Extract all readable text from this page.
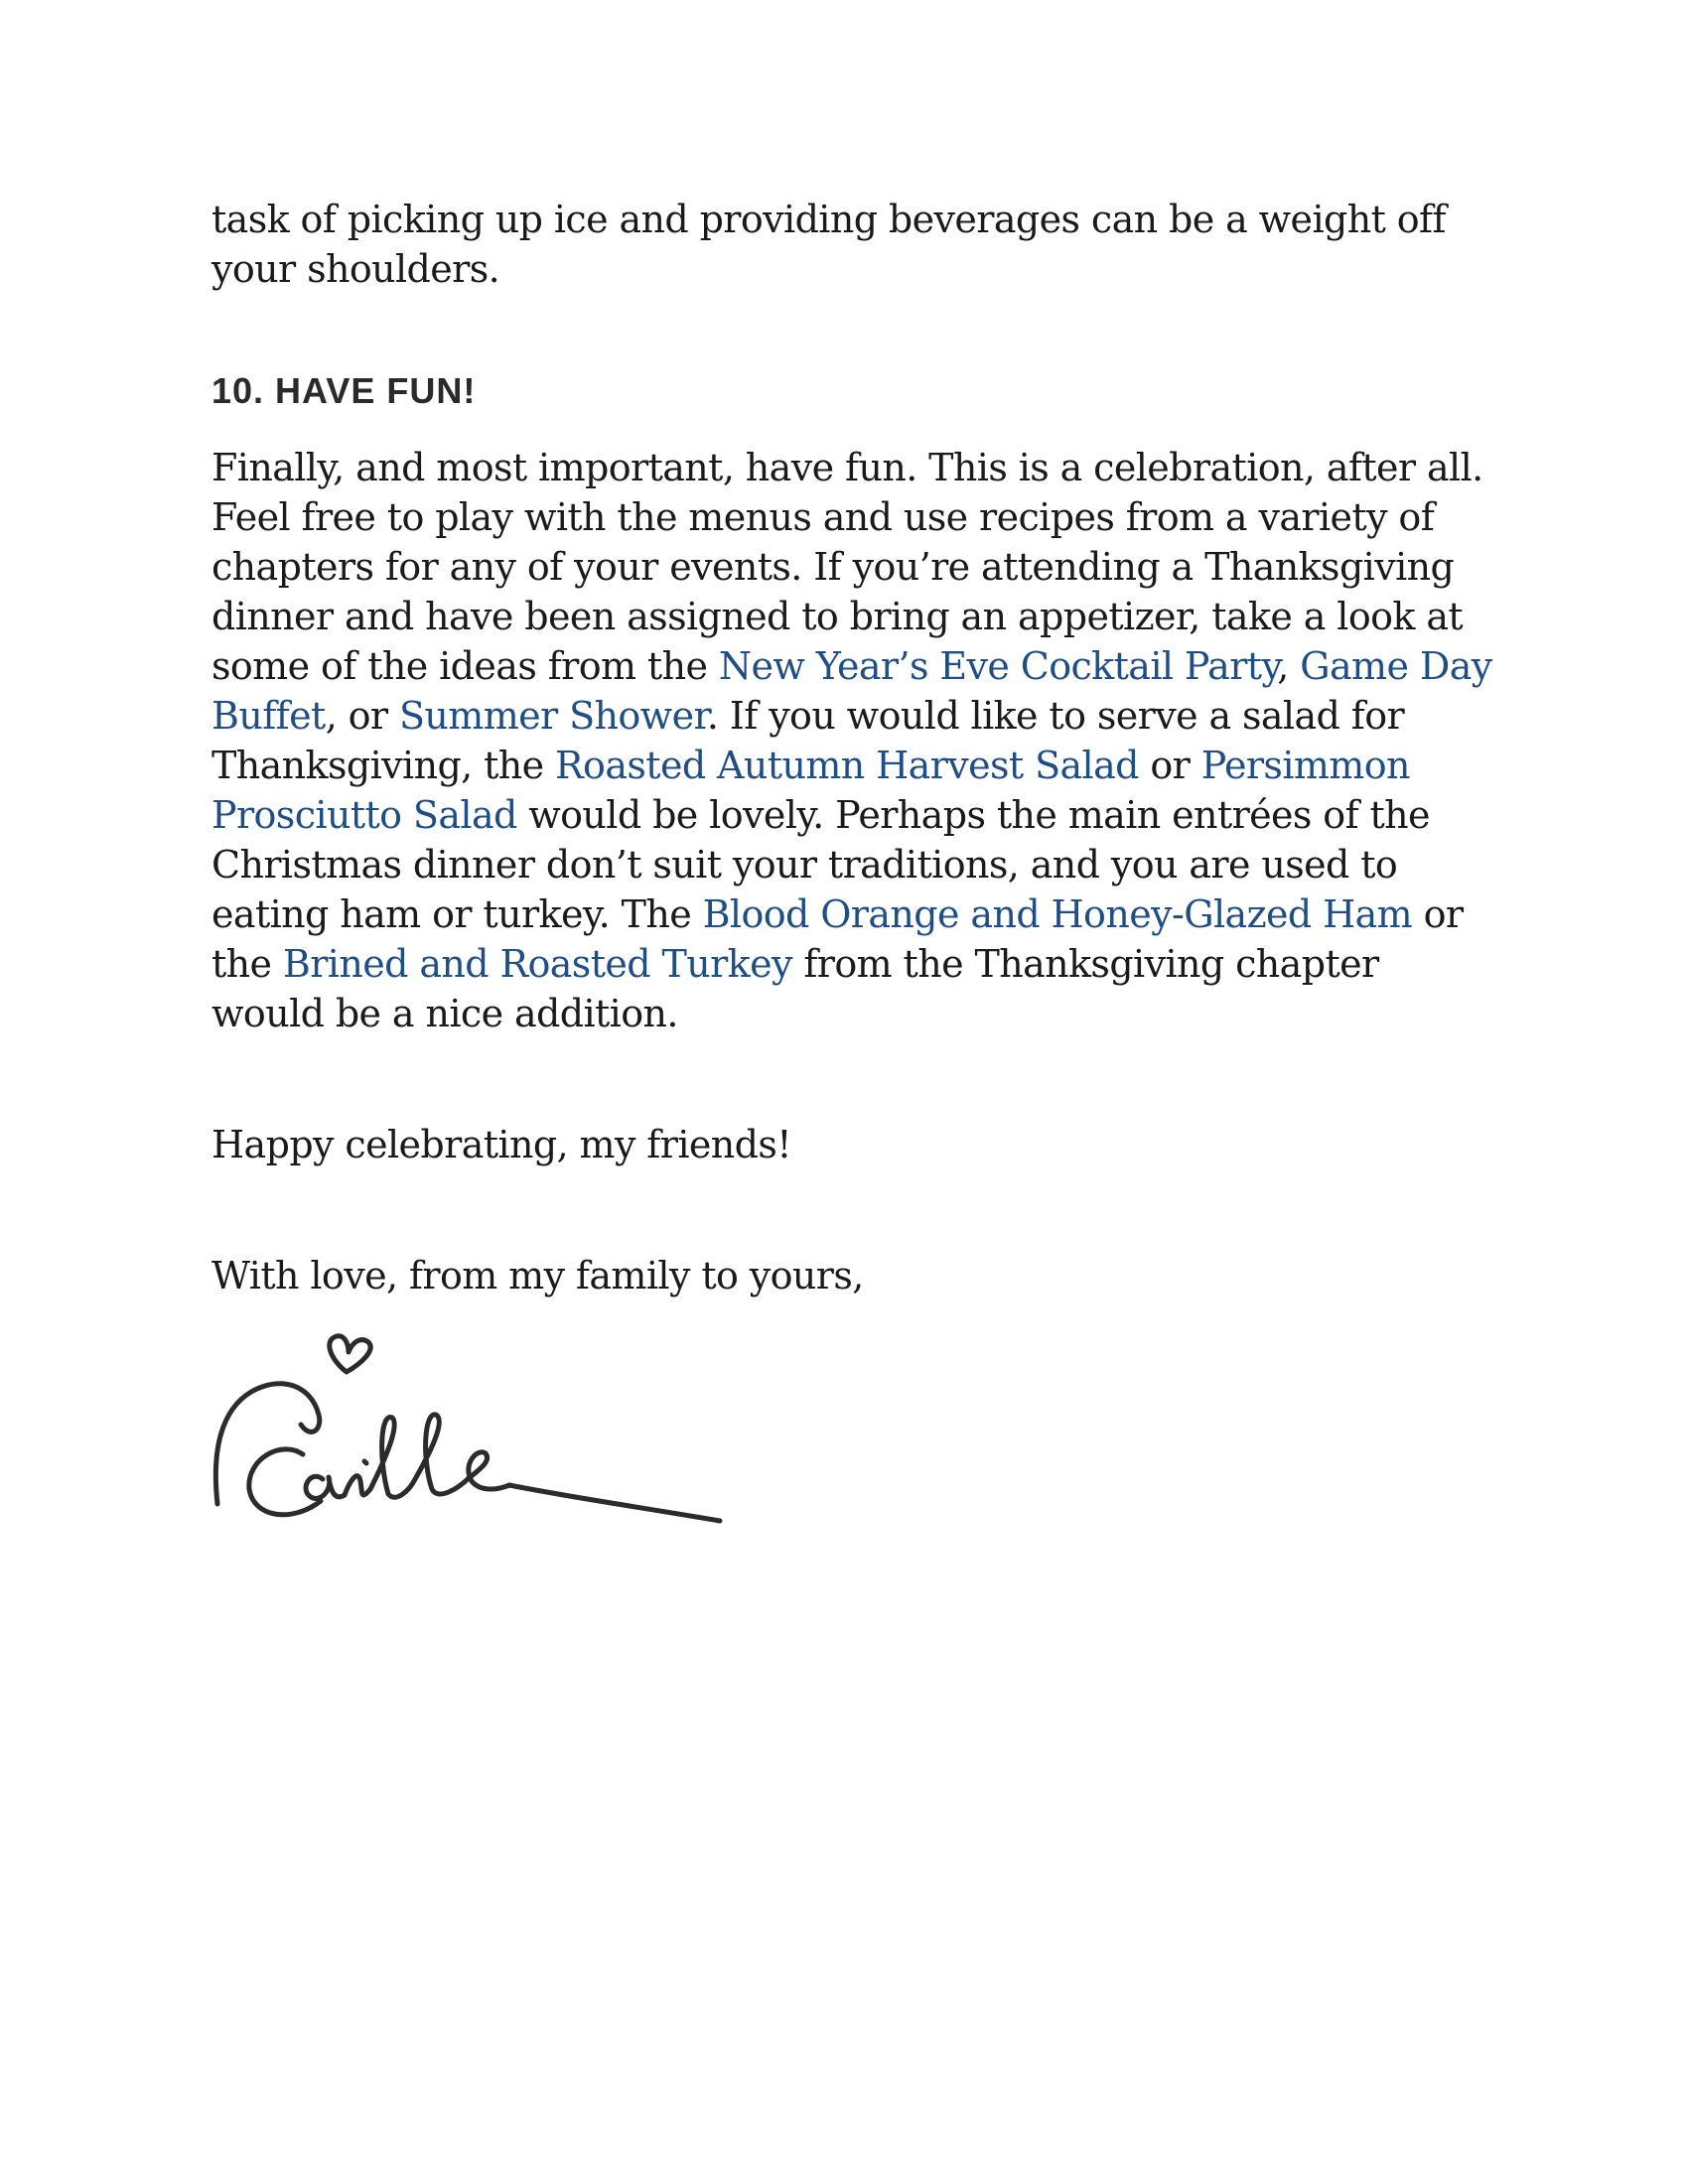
task of picking up ice and providing beverages can be a weight off your shoulders.

10. HAVE FUN!

Finally, and most important, have fun. This is a celebration, after all. Feel free to play with the menus and use recipes from a variety of chapters for any of your events. If you’re attending a Thanksgiving dinner and have been assigned to bring an appetizer, take a look at some of the ideas from the New Year’s Eve Cocktail Party, Game Day Buffet, or Summer Shower. If you would like to serve a salad for Thanksgiving, the Roasted Autumn Harvest Salad or Persimmon Prosciutto Salad would be lovely. Perhaps the main entrées of the Christmas dinner don’t suit your traditions, and you are used to eating ham or turkey. The Blood Orange and Honey-Glazed Ham or the Brined and Roasted Turkey from the Thanksgiving chapter would be a nice addition.

Happy celebrating, my friends!

With love, from my family to yours,
